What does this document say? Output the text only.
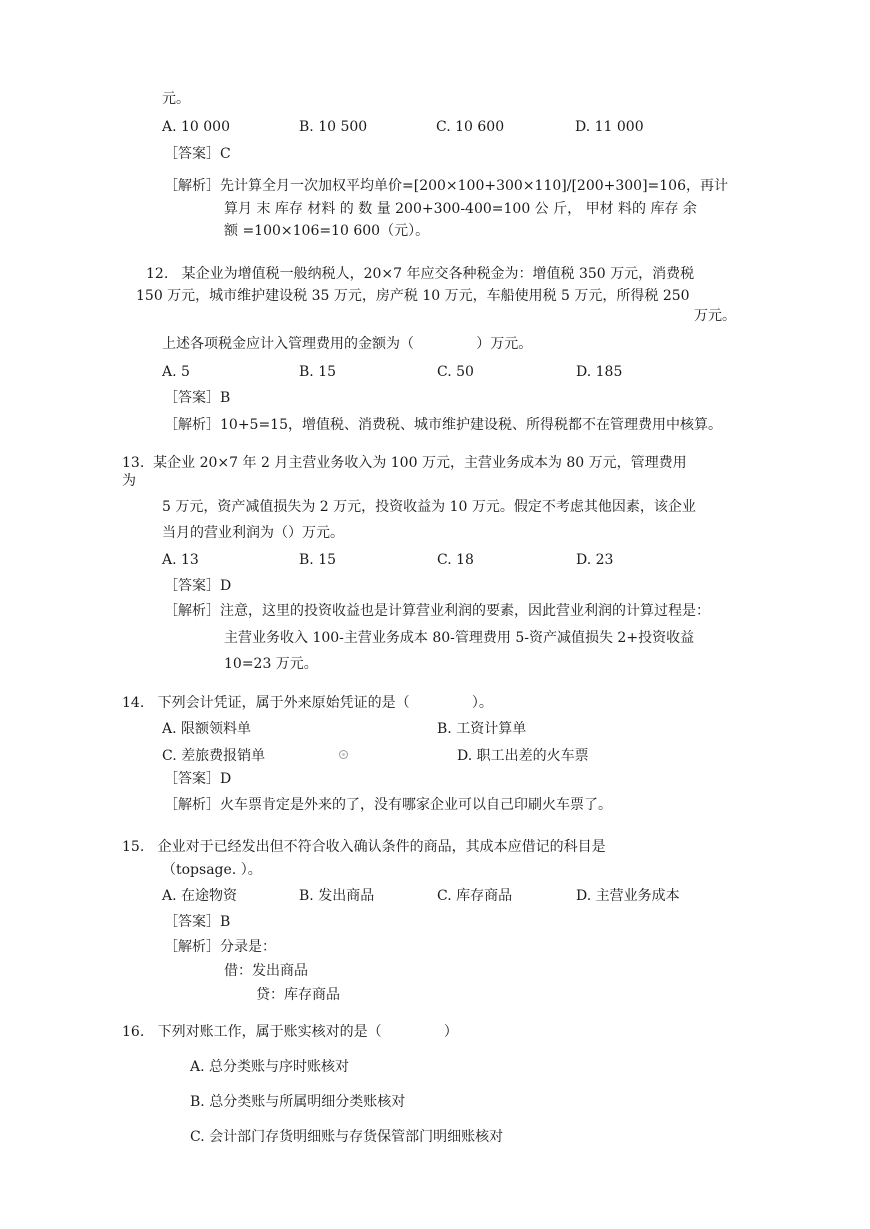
元。
A. 10 000	B. 10 500	C. 10 600	D. 11 000
［答案］C
［解析］先计算全月一次加权平均单价=[200×100+300×110]/[200+300]=106，再计
算月 末 库存 材料 的 数 量 200+300-400=100 公 斤， 甲材 料的 库存 余
额 =100×106=10 600（元）。
12.   某企业为增值税一般纳税人，20×7 年应交各种税金为：增值税 350 万元，消费税
150 万元，城市维护建设税 35 万元，房产税 10 万元，车船使用税 5 万元，所得税 250
万元。
上述各项税金应计入管理费用的金额为（              ）万元。
A. 5	B. 15	C. 50	D. 185
［答案］B
［解析］10+5=15，增值税、消费税、城市维护建设税、所得税都不在管理费用中核算。
13.  某企业 20×7 年 2 月主营业务收入为 100 万元，主营业务成本为 80 万元，管理费用
为
5 万元，资产减值损失为 2 万元，投资收益为 10 万元。假定不考虑其他因素，该企业
当月的营业利润为（）万元。
A. 13	B. 15	C. 18	D. 23
［答案］D
［解析］注意，这里的投资收益也是计算营业利润的要素，因此营业利润的计算过程是：
主营业务收入 100-主营业务成本 80-管理费用 5-资产减值损失 2+投资收益
10=23 万元。
14.   下列会计凭证，属于外来原始凭证的是（              ）。
A. 限额领料单	B. 工资计算单
C. 差旅费报销单	D. 职工出差的火车票
［答案］D
［解析］火车票肯定是外来的了，没有哪家企业可以自己印刷火车票了。
15.   企业对于已经发出但不符合收入确认条件的商品，其成本应借记的科目是
（topsage. ）。
A. 在途物资	B. 发出商品	C. 库存商品	D. 主营业务成本
［答案］B
［解析］分录是：
借：发出商品
贷：库存商品
16.   下列对账工作，属于账实核对的是（              ）
A. 总分类账与序时账核对
B. 总分类账与所属明细分类账核对
C. 会计部门存货明细账与存货保管部门明细账核对
